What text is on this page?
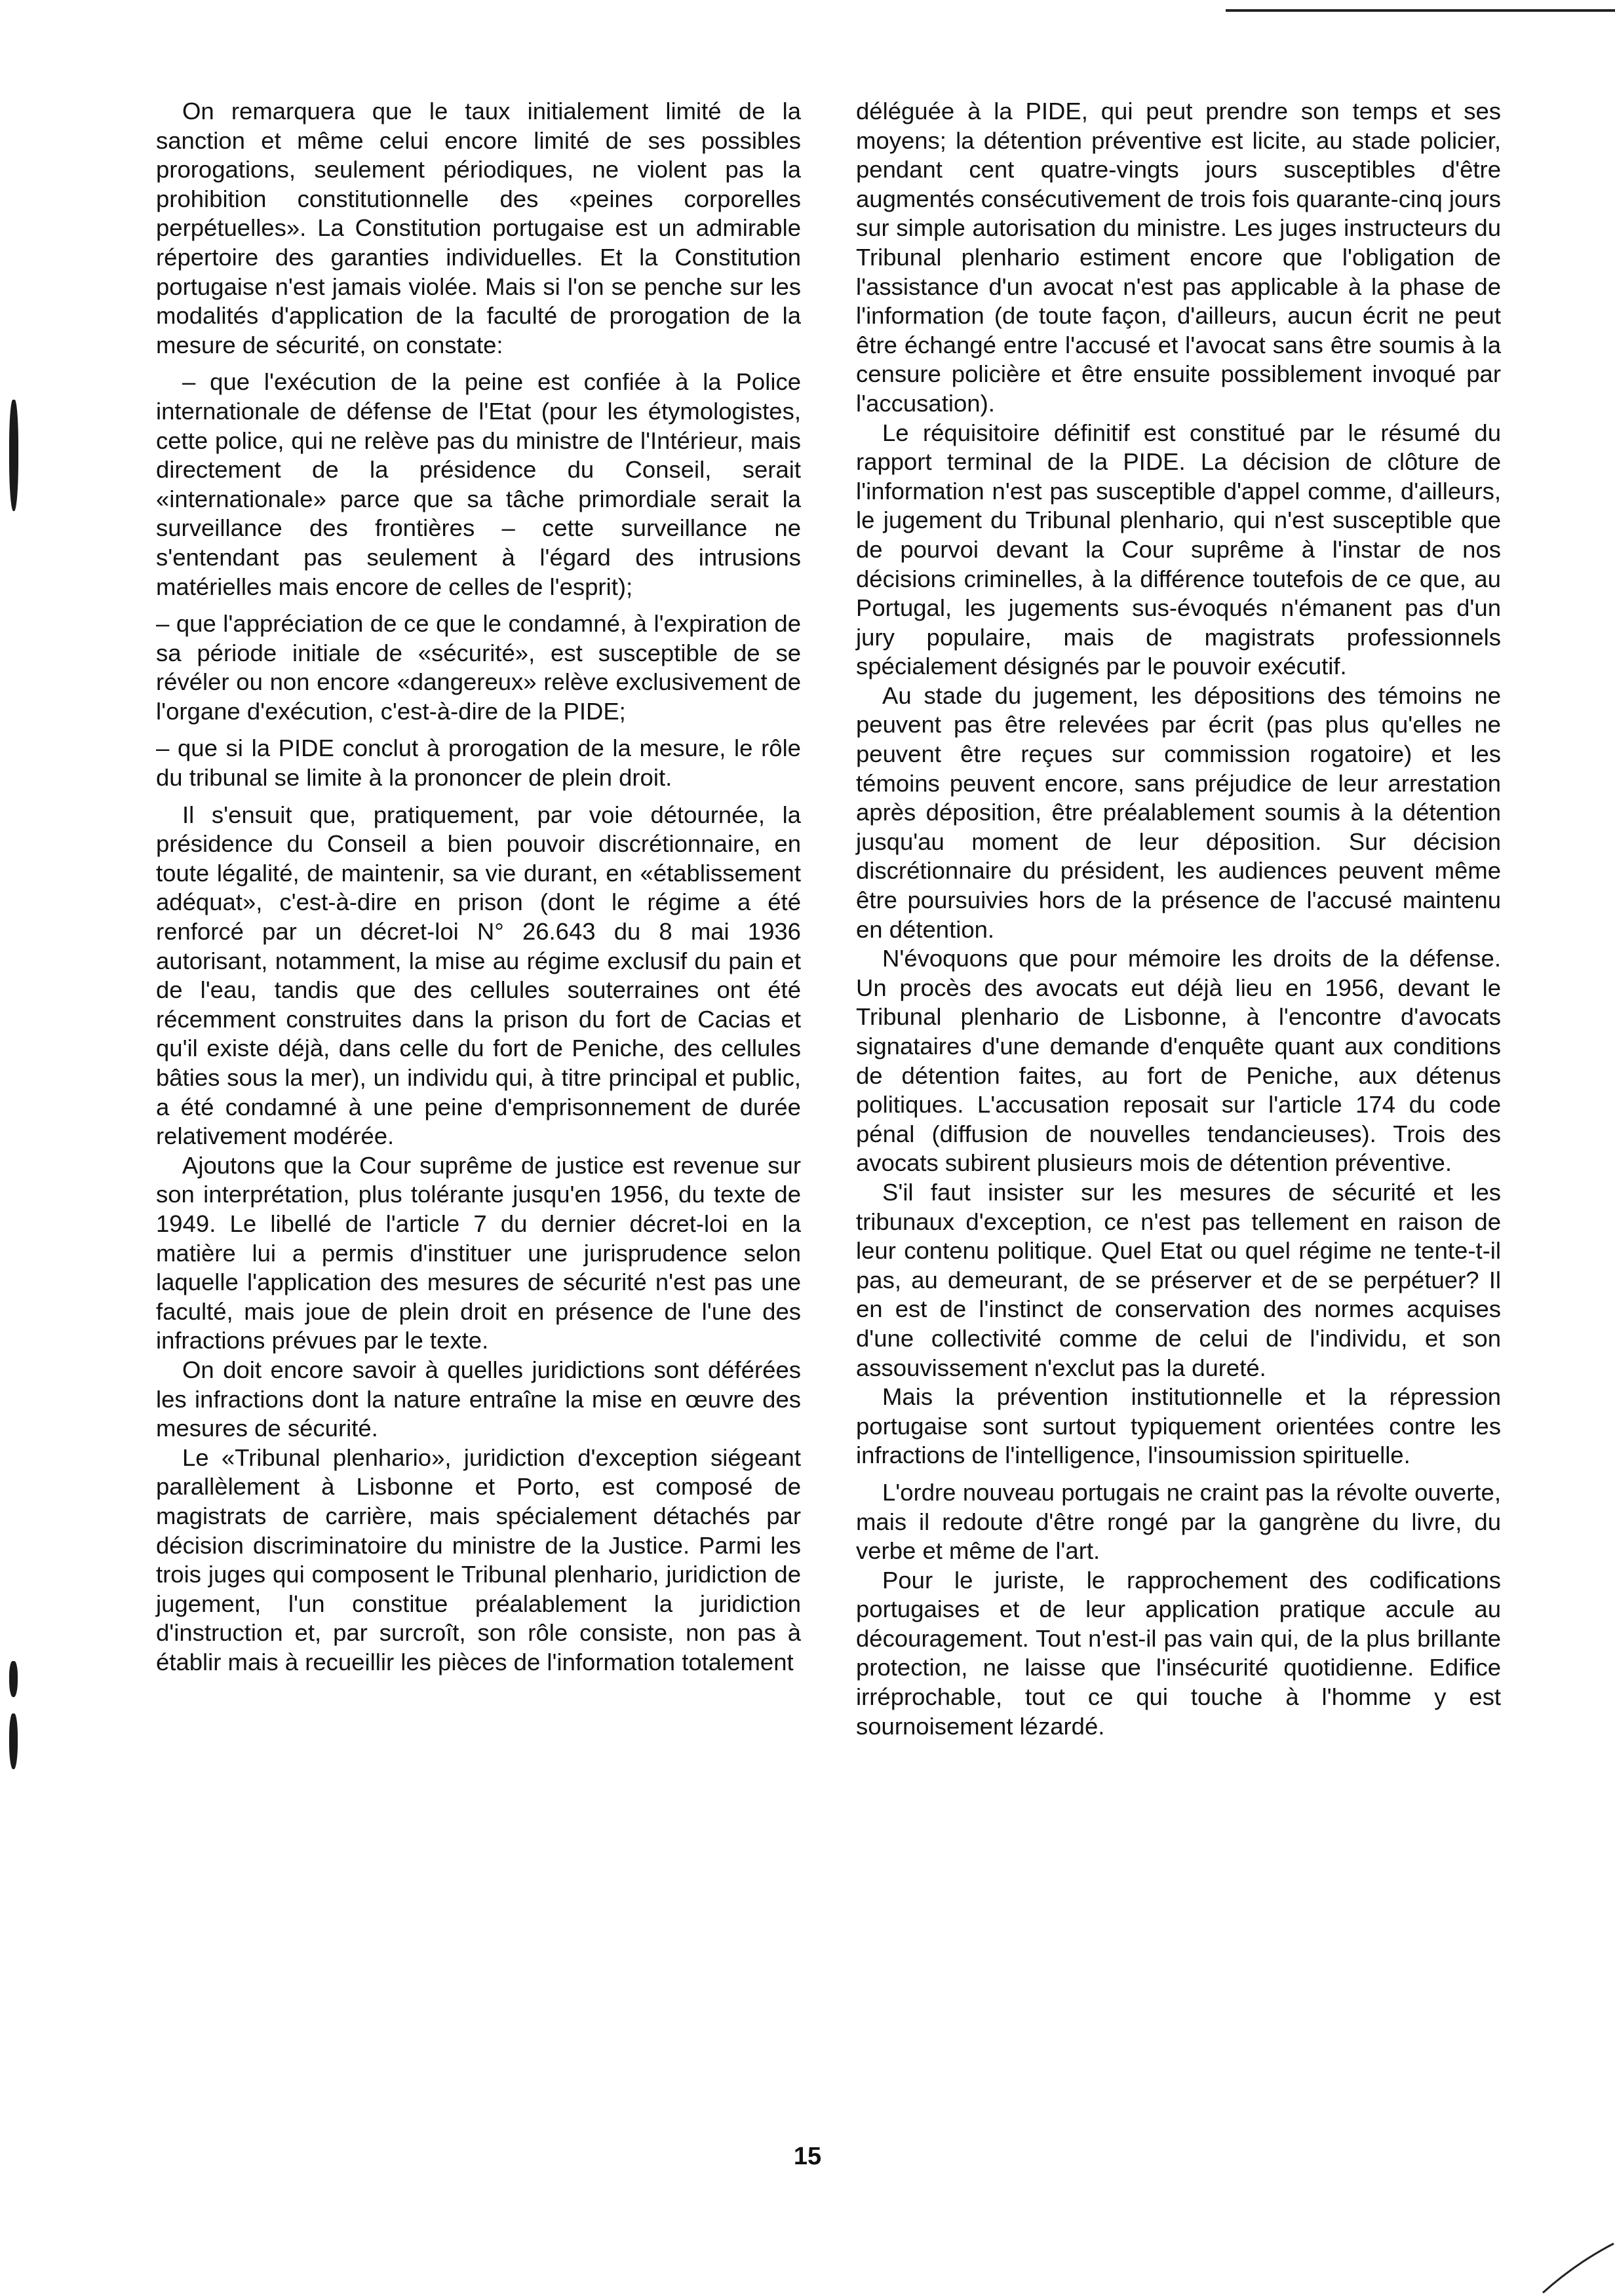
On remarquera que le taux initialement limité de la sanction et même celui encore limité de ses possibles prorogations, seulement périodiques, ne violent pas la prohibition constitutionnelle des «peines corporelles perpétuelles». La Constitution portugaise est un admirable répertoire des garanties individuelles. Et la Constitution portugaise n'est jamais violée. Mais si l'on se penche sur les modalités d'application de la faculté de prorogation de la mesure de sécurité, on constate:

– que l'exécution de la peine est confiée à la Police internationale de défense de l'Etat (pour les étymologistes, cette police, qui ne relève pas du ministre de l'Intérieur, mais directement de la présidence du Conseil, serait «internationale» parce que sa tâche primordiale serait la surveillance des frontières – cette surveillance ne s'entendant pas seulement à l'égard des intrusions matérielles mais encore de celles de l'esprit);

– que l'appréciation de ce que le condamné, à l'expiration de sa période initiale de «sécurité», est susceptible de se révéler ou non encore «dangereux» relève exclusivement de l'organe d'exécution, c'est-à-dire de la PIDE;

– que si la PIDE conclut à prorogation de la mesure, le rôle du tribunal se limite à la prononcer de plein droit.

Il s'ensuit que, pratiquement, par voie détournée, la présidence du Conseil a bien pouvoir discrétionnaire, en toute légalité, de maintenir, sa vie durant, en «établissement adéquat», c'est-à-dire en prison (dont le régime a été renforcé par un décret-loi N° 26.643 du 8 mai 1936 autorisant, notamment, la mise au régime exclusif du pain et de l'eau, tandis que des cellules souterraines ont été récemment construites dans la prison du fort de Cacias et qu'il existe déjà, dans celle du fort de Peniche, des cellules bâties sous la mer), un individu qui, à titre principal et public, a été condamné à une peine d'emprisonnement de durée relativement modérée.

Ajoutons que la Cour suprême de justice est revenue sur son interprétation, plus tolérante jusqu'en 1956, du texte de 1949. Le libellé de l'article 7 du dernier décret-loi en la matière lui a permis d'instituer une jurisprudence selon laquelle l'application des mesures de sécurité n'est pas une faculté, mais joue de plein droit en présence de l'une des infractions prévues par le texte.

On doit encore savoir à quelles juridictions sont déférées les infractions dont la nature entraîne la mise en œuvre des mesures de sécurité.

Le «Tribunal plenhario», juridiction d'exception siégeant parallèlement à Lisbonne et Porto, est composé de magistrats de carrière, mais spécialement détachés par décision discriminatoire du ministre de la Justice. Parmi les trois juges qui composent le Tribunal plenhario, juridiction de jugement, l'un constitue préalablement la juridiction d'instruction et, par surcroît, son rôle consiste, non pas à établir mais à recueillir les pièces de l'information totalement

déléguée à la PIDE, qui peut prendre son temps et ses moyens; la détention préventive est licite, au stade policier, pendant cent quatre-vingts jours susceptibles d'être augmentés consécutivement de trois fois quarante-cinq jours sur simple autorisation du ministre. Les juges instructeurs du Tribunal plenhario estiment encore que l'obligation de l'assistance d'un avocat n'est pas applicable à la phase de l'information (de toute façon, d'ailleurs, aucun écrit ne peut être échangé entre l'accusé et l'avocat sans être soumis à la censure policière et être ensuite possiblement invoqué par l'accusation).

Le réquisitoire définitif est constitué par le résumé du rapport terminal de la PIDE. La décision de clôture de l'information n'est pas susceptible d'appel comme, d'ailleurs, le jugement du Tribunal plenhario, qui n'est susceptible que de pourvoi devant la Cour suprême à l'instar de nos décisions criminelles, à la différence toutefois de ce que, au Portugal, les jugements sus-évoqués n'émanent pas d'un jury populaire, mais de magistrats professionnels spécialement désignés par le pouvoir exécutif.

Au stade du jugement, les dépositions des témoins ne peuvent pas être relevées par écrit (pas plus qu'elles ne peuvent être reçues sur commission rogatoire) et les témoins peuvent encore, sans préjudice de leur arrestation après déposition, être préalablement soumis à la détention jusqu'au moment de leur déposition. Sur décision discrétionnaire du président, les audiences peuvent même être poursuivies hors de la présence de l'accusé maintenu en détention.

N'évoquons que pour mémoire les droits de la défense. Un procès des avocats eut déjà lieu en 1956, devant le Tribunal plenhario de Lisbonne, à l'encontre d'avocats signataires d'une demande d'enquête quant aux conditions de détention faites, au fort de Peniche, aux détenus politiques. L'accusation reposait sur l'article 174 du code pénal (diffusion de nouvelles tendancieuses). Trois des avocats subirent plusieurs mois de détention préventive.

S'il faut insister sur les mesures de sécurité et les tribunaux d'exception, ce n'est pas tellement en raison de leur contenu politique. Quel Etat ou quel régime ne tente-t-il pas, au demeurant, de se préserver et de se perpétuer? Il en est de l'instinct de conservation des normes acquises d'une collectivité comme de celui de l'individu, et son assouvissement n'exclut pas la dureté.

Mais la prévention institutionnelle et la répression portugaise sont surtout typiquement orientées contre les infractions de l'intelligence, l'insoumission spirituelle.

L'ordre nouveau portugais ne craint pas la révolte ouverte, mais il redoute d'être rongé par la gangrène du livre, du verbe et même de l'art.

Pour le juriste, le rapprochement des codifications portugaises et de leur application pratique accule au découragement. Tout n'est-il pas vain qui, de la plus brillante protection, ne laisse que l'insécurité quotidienne. Edifice irréprochable, tout ce qui touche à l'homme y est sournoisement lézardé.

15
